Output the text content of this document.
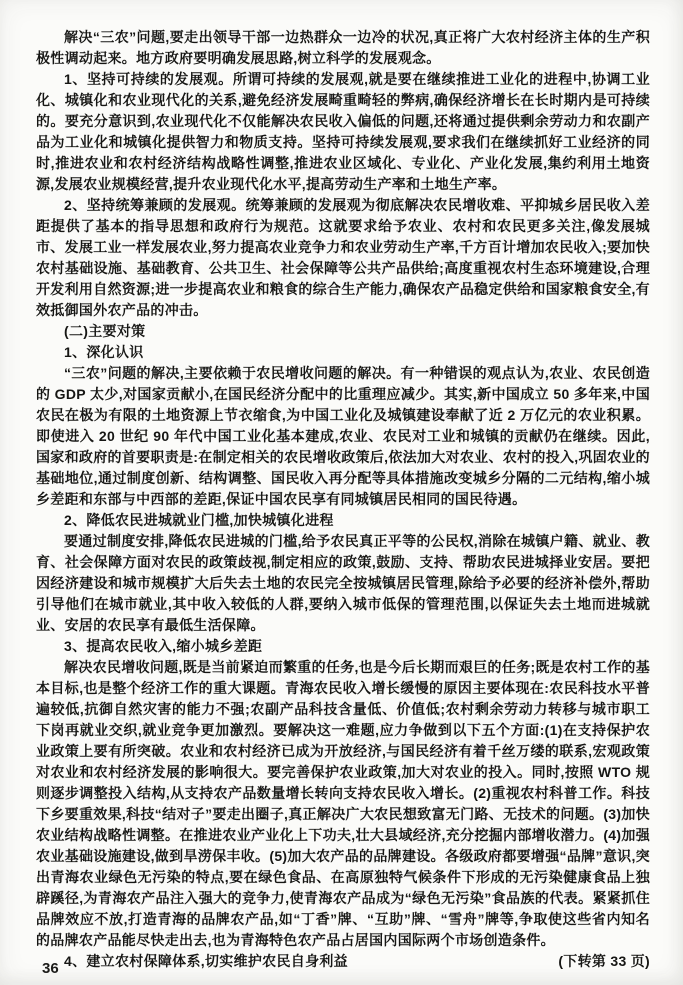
解决“三农”问题,要走出领导干部一边热群众一边冷的状况,真正将广大农村经济主体的生产积极性调动起来。地方政府要明确发展思路,树立科学的发展观念。

1、坚持可持续的发展观。所谓可持续的发展观,就是要在继续推进工业化的进程中,协调工业化、城镇化和农业现代化的关系,避免经济发展畸重畸轻的弊病,确保经济增长在长时期内是可持续的。要充分意识到,农业现代化不仅能解决农民收入偏低的问题,还将通过提供剩余劳动力和农副产品为工业化和城镇化提供智力和物质支持。坚持可持续发展观,要求我们在继续抓好工业经济的同时,推进农业和农村经济结构战略性调整,推进农业区域化、专业化、产业化发展,集约利用土地资源,发展农业规模经营,提升农业现代化水平,提高劳动生产率和土地生产率。

2、坚持统筹兼顾的发展观。统筹兼顾的发展观为彻底解决农民增收难、平抑城乡居民收入差距提供了基本的指导思想和政府行为规范。这就要求给予农业、农村和农民更多关注,像发展城市、发展工业一样发展农业,努力提高农业竞争力和农业劳动生产率,千方百计增加农民收入;要加快农村基础设施、基础教育、公共卫生、社会保障等公共产品供给;高度重视农村生态环境建设,合理开发利用自然资源;进一步提高农业和粮食的综合生产能力,确保农产品稳定供给和国家粮食安全,有效抵御国外农产品的冲击。

(二)主要对策

1、深化认识

“三农”问题的解决,主要依赖于农民增收问题的解决。有一种错误的观点认为,农业、农民创造的 GDP 太少,对国家贡献小,在国民经济分配中的比重理应减少。其实,新中国成立 50 多年来,中国农民在极为有限的土地资源上节衣缩食,为中国工业化及城镇建设奉献了近 2 万亿元的农业积累。即使进入 20 世纪 90 年代中国工业化基本建成,农业、农民对工业和城镇的贡献仍在继续。因此,国家和政府的首要职责是:在制定相关的农民增收政策后,依法加大对农业、农村的投入,巩固农业的基础地位,通过制度创新、结构调整、国民收入再分配等具体措施改变城乡分隔的二元结构,缩小城乡差距和东部与中西部的差距,保证中国农民享有同城镇居民相同的国民待遇。

2、降低农民进城就业门槛,加快城镇化进程

要通过制度安排,降低农民进城的门槛,给予农民真正平等的公民权,消除在城镇户籍、就业、教育、社会保障方面对农民的政策歧视,制定相应的政策,鼓励、支持、帮助农民进城择业安居。要把因经济建设和城市规模扩大后失去土地的农民完全按城镇居民管理,除给予必要的经济补偿外,帮助引导他们在城市就业,其中收入较低的人群,要纳入城市低保的管理范围,以保证失去土地而进城就业、安居的农民享有最低生活保障。

3、提高农民收入,缩小城乡差距

解决农民增收问题,既是当前紧迫而繁重的任务,也是今后长期而艰巨的任务;既是农村工作的基本目标,也是整个经济工作的重大课题。青海农民收入增长缓慢的原因主要体现在:农民科技水平普遍较低,抗御自然灾害的能力不强;农副产品科技含量低、价值低;农村剩余劳动力转移与城市职工下岗再就业交织,就业竞争更加激烈。要解决这一难题,应力争做到以下五个方面:(1)在支持保护农业政策上要有所突破。农业和农村经济已成为开放经济,与国民经济有着千丝万缕的联系,宏观政策对农业和农村经济发展的影响很大。要完善保护农业政策,加大对农业的投入。同时,按照 WTO 规则逐步调整投入结构,从支持农产品数量增长转向支持农民收入增长。(2)重视农村科普工作。科技下乡要重效果,科技“结对子”要走出圈子,真正解决广大农民想致富无门路、无技术的问题。(3)加快农业结构战略性调整。在推进农业产业化上下功夫,壮大县域经济,充分挖掘内部增收潜力。(4)加强农业基础设施建设,做到旱涝保丰收。(5)加大农产品的品牌建设。各级政府都要增强“品牌”意识,突出青海农业绿色无污染的特点,要在绿色食品、在高原独特气候条件下形成的无污染健康食品上独辟蹊径,为青海农产品注入强大的竞争力,使青海农产品成为“绿色无污染”食品族的代表。紧紧抓住品牌效应不放,打造青海的品牌农产品,如“丁香”牌、“互助”牌、“雪舟”牌等,争取使这些省内知名的品牌农产品能尽快走出去,也为青海特色农产品占居国内国际两个市场创造条件。

4、建立农村保障体系,切实维护农民自身利益	(下转第 33 页)
36
